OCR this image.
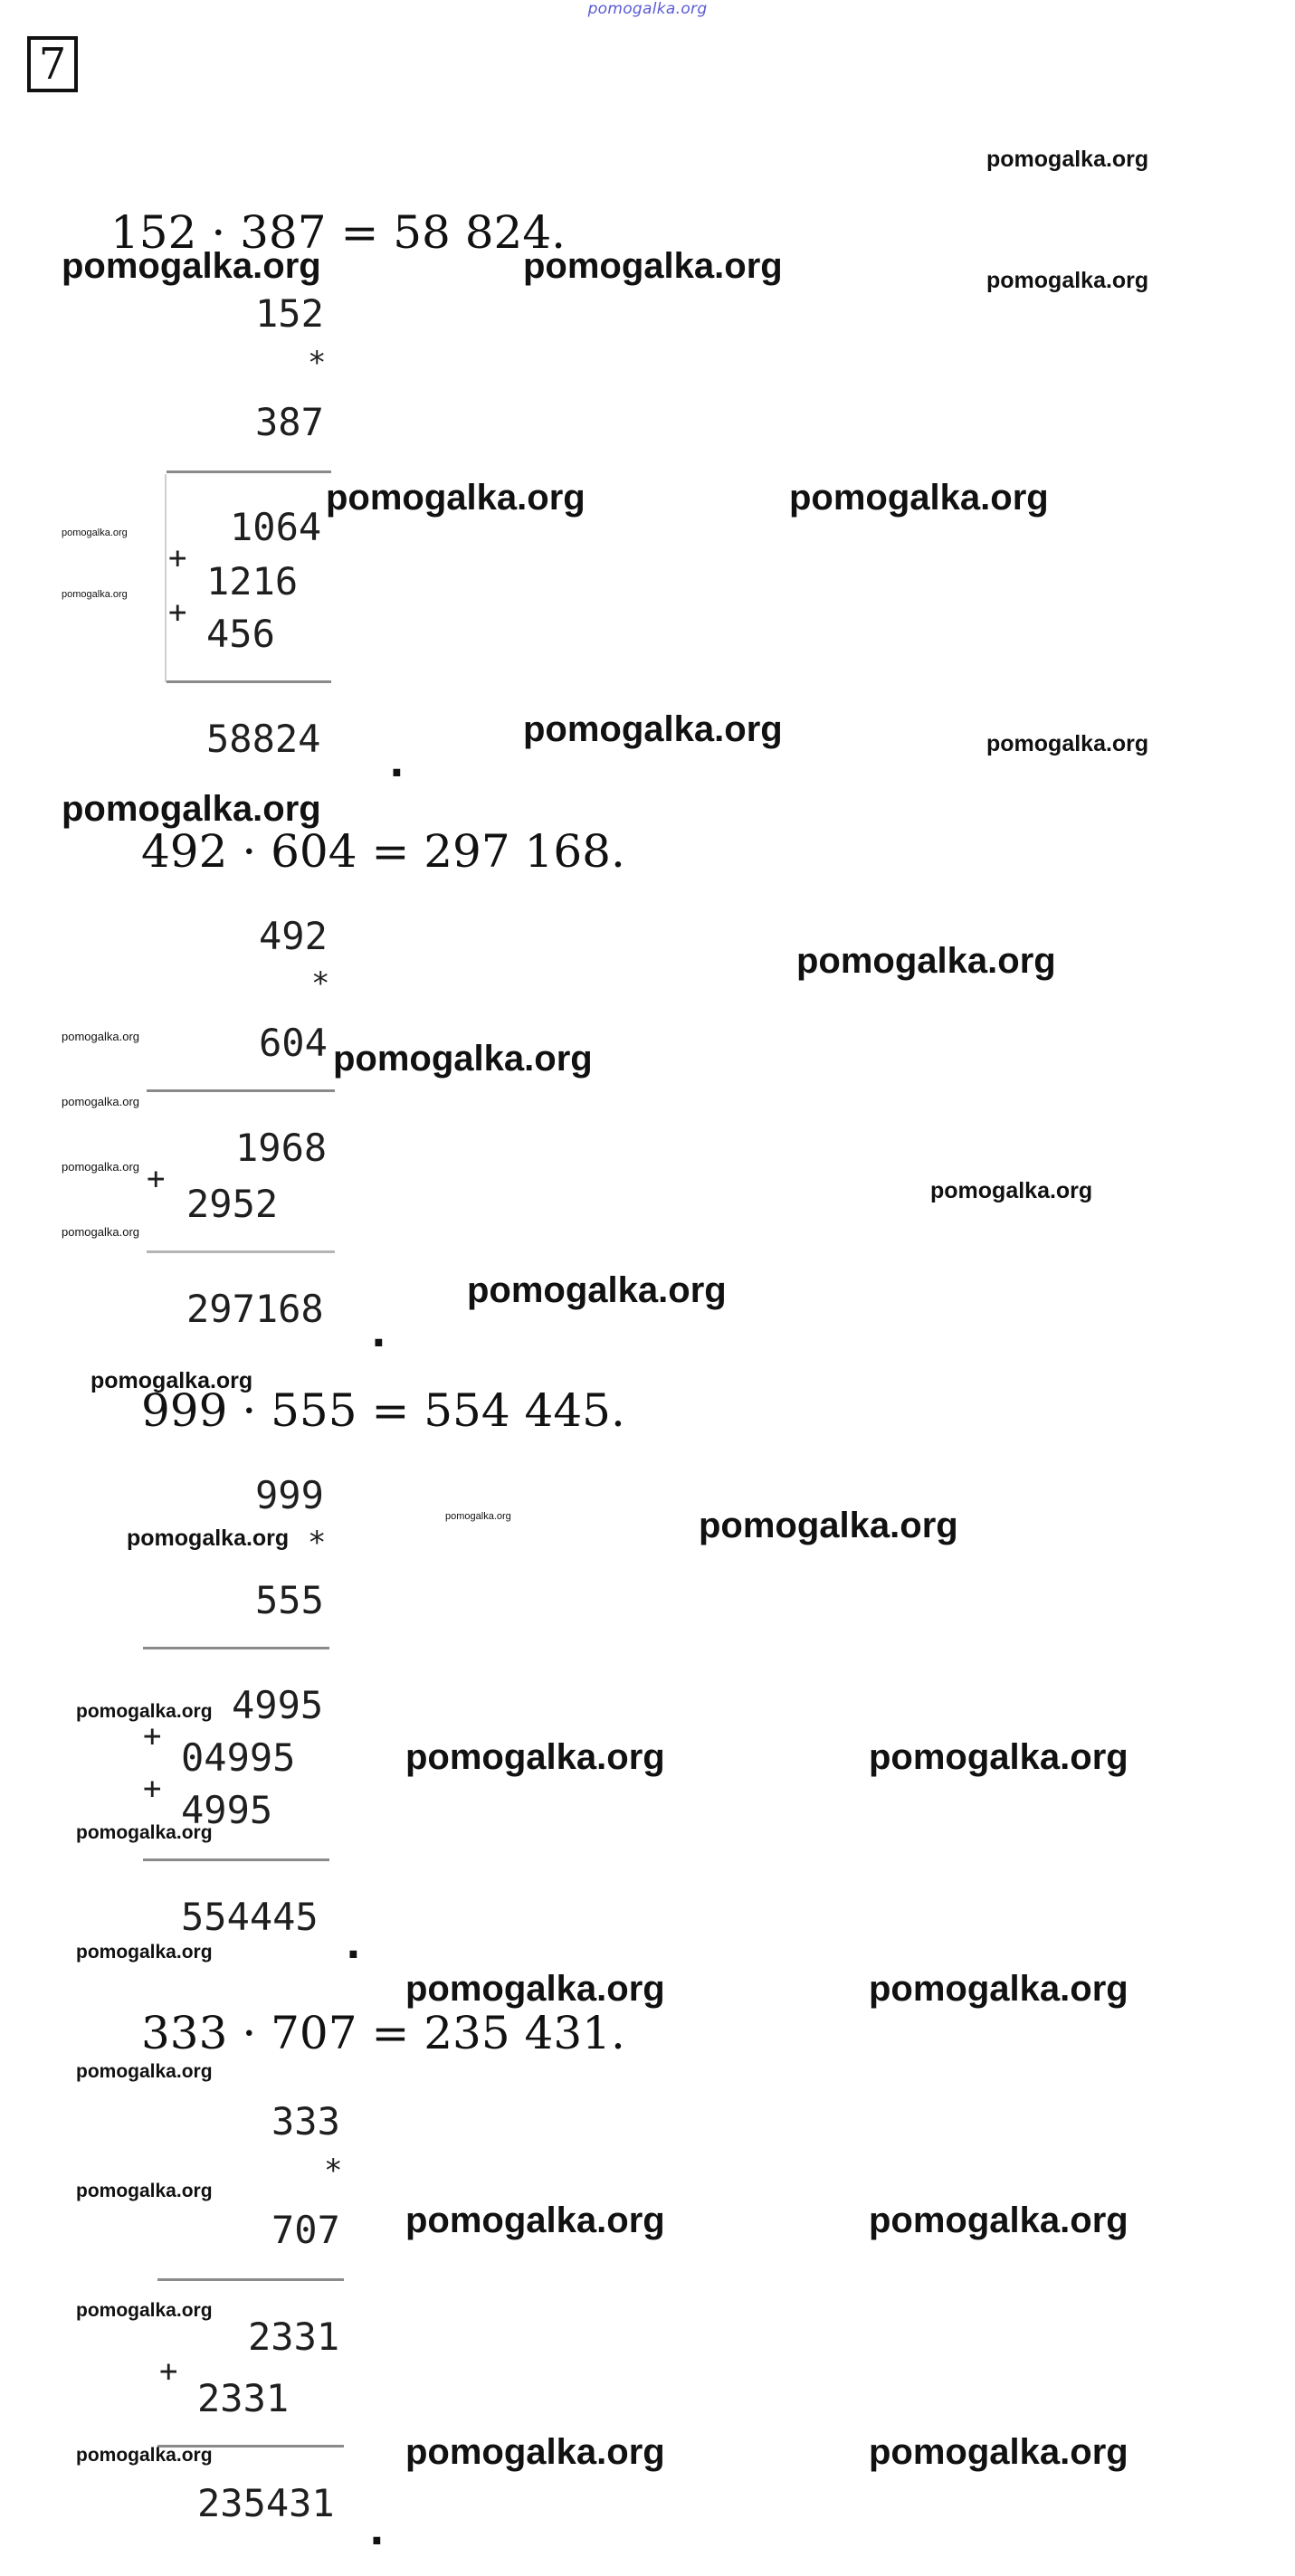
pomogalka.org
7
152 · 387 = 58 824.
152
*
387
1064
+
1216
+ 456
58824
.
492 · 604 = 297 168.
492
*
604
1968
+
2952
297168
.
999 · 555 = 554 445.
999
*
555
4995
+ 04995
+ 4995
554445
.
333 · 707 = 235 431.
333
*
707
2331
+
2331
235431
.
pomogalka.org
pomogalka.org	pomogalka.org	pomogalka.org
pomogalka.org	pomogalka.org
pomogalka.org
pomogalka.org
pomogalka.org	pomogalka.org
pomogalka.org
pomogalka.org
pomogalka.org
pomogalka.org
pomogalka.org
pomogalka.org
pomogalka.org
pomogalka.org
pomogalka.org
pomogalka.org
pomogalka.org	pomogalka.org
pomogalka.org
pomogalka.org
pomogalka.org	pomogalka.org
pomogalka.org
pomogalka.org
pomogalka.org	pomogalka.org
pomogalka.org
pomogalka.org
pomogalka.org	pomogalka.org
pomogalka.org
pomogalka.org	pomogalka.org	pomogalka.org
